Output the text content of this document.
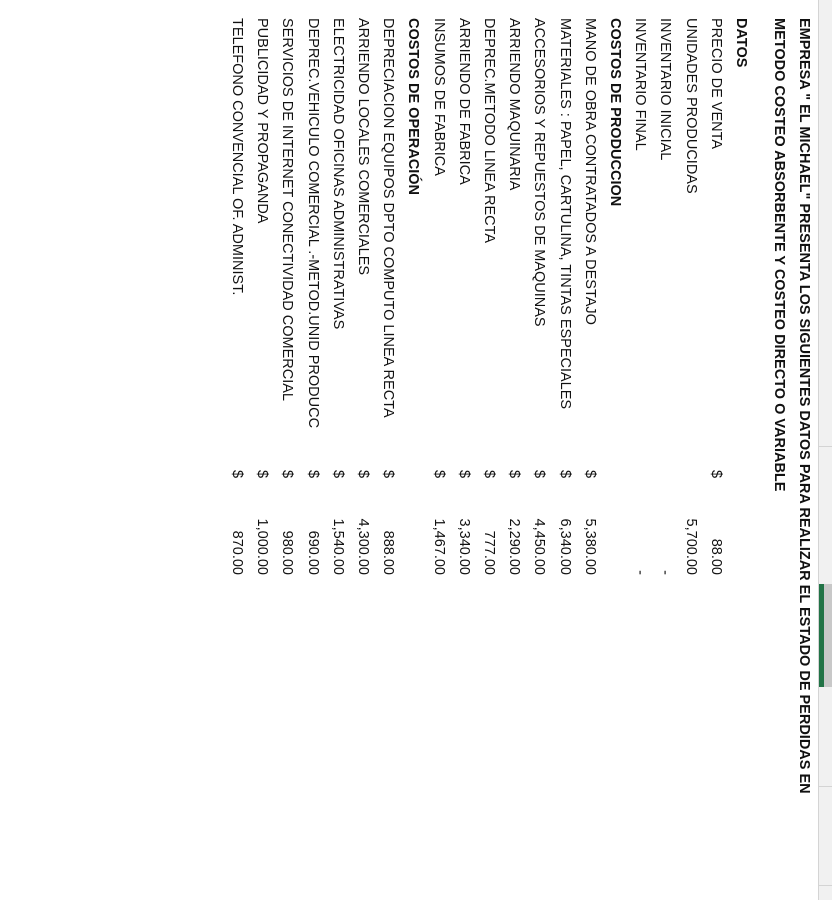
EMPRESA " EL MICHAEL" PRESENTA LOS SIGUIENTES DATOS PARA REALIZAR EL ESTADO DE PERDIDAS EN
METODO COSTEO ABSORBENTE Y COSTEO DIRECTO O VARIABLE
DATOS
PRECIO DE VENTA
$
88.00
UNIDADES PRODUCIDAS
5,700.00
INVENTARIO INICIAL
-
INVENTARIO FINAL
-
COSTOS DE PRODUCCION
MANO DE OBRA CONTRATADOS A DESTAJO
$
5,380.00
MATERIALES : PAPEL, CARTULINA, TINTAS ESPECIALES
$
6,340.00
ACCESORIOS Y REPUESTOS DE MAQUINAS
$
4,450.00
ARRIENDO MAQUINARIA
$
2,290.00
DEPREC.METODO LINEA RECTA
$
777.00
ARRIENDO DE FABRICA
$
3,340.00
INSUMOS DE FABRICA
$
1,467.00
COSTOS DE OPERACIÓN
DEPRECIACION EQUIPOS DPTO COMPUTO LINEA RECTA
$
888.00
ARRIENDO LOCALES COMERCIALES
$
4,300.00
ELECTRICIDAD OFICINAS ADMINISTRATIVAS
$
1,540.00
DEPREC.VEHICULO COMERCIAL .-METOD.UNID PRODUCC
$
690.00
SERVICIOS DE INTERNET CONECTIVIDAD COMERCIAL
$
980.00
PUBLICIDAD Y PROPAGANDA
$
1,000.00
TELEFONO CONVENCIAL OF. ADMINIST.
$
870.00
